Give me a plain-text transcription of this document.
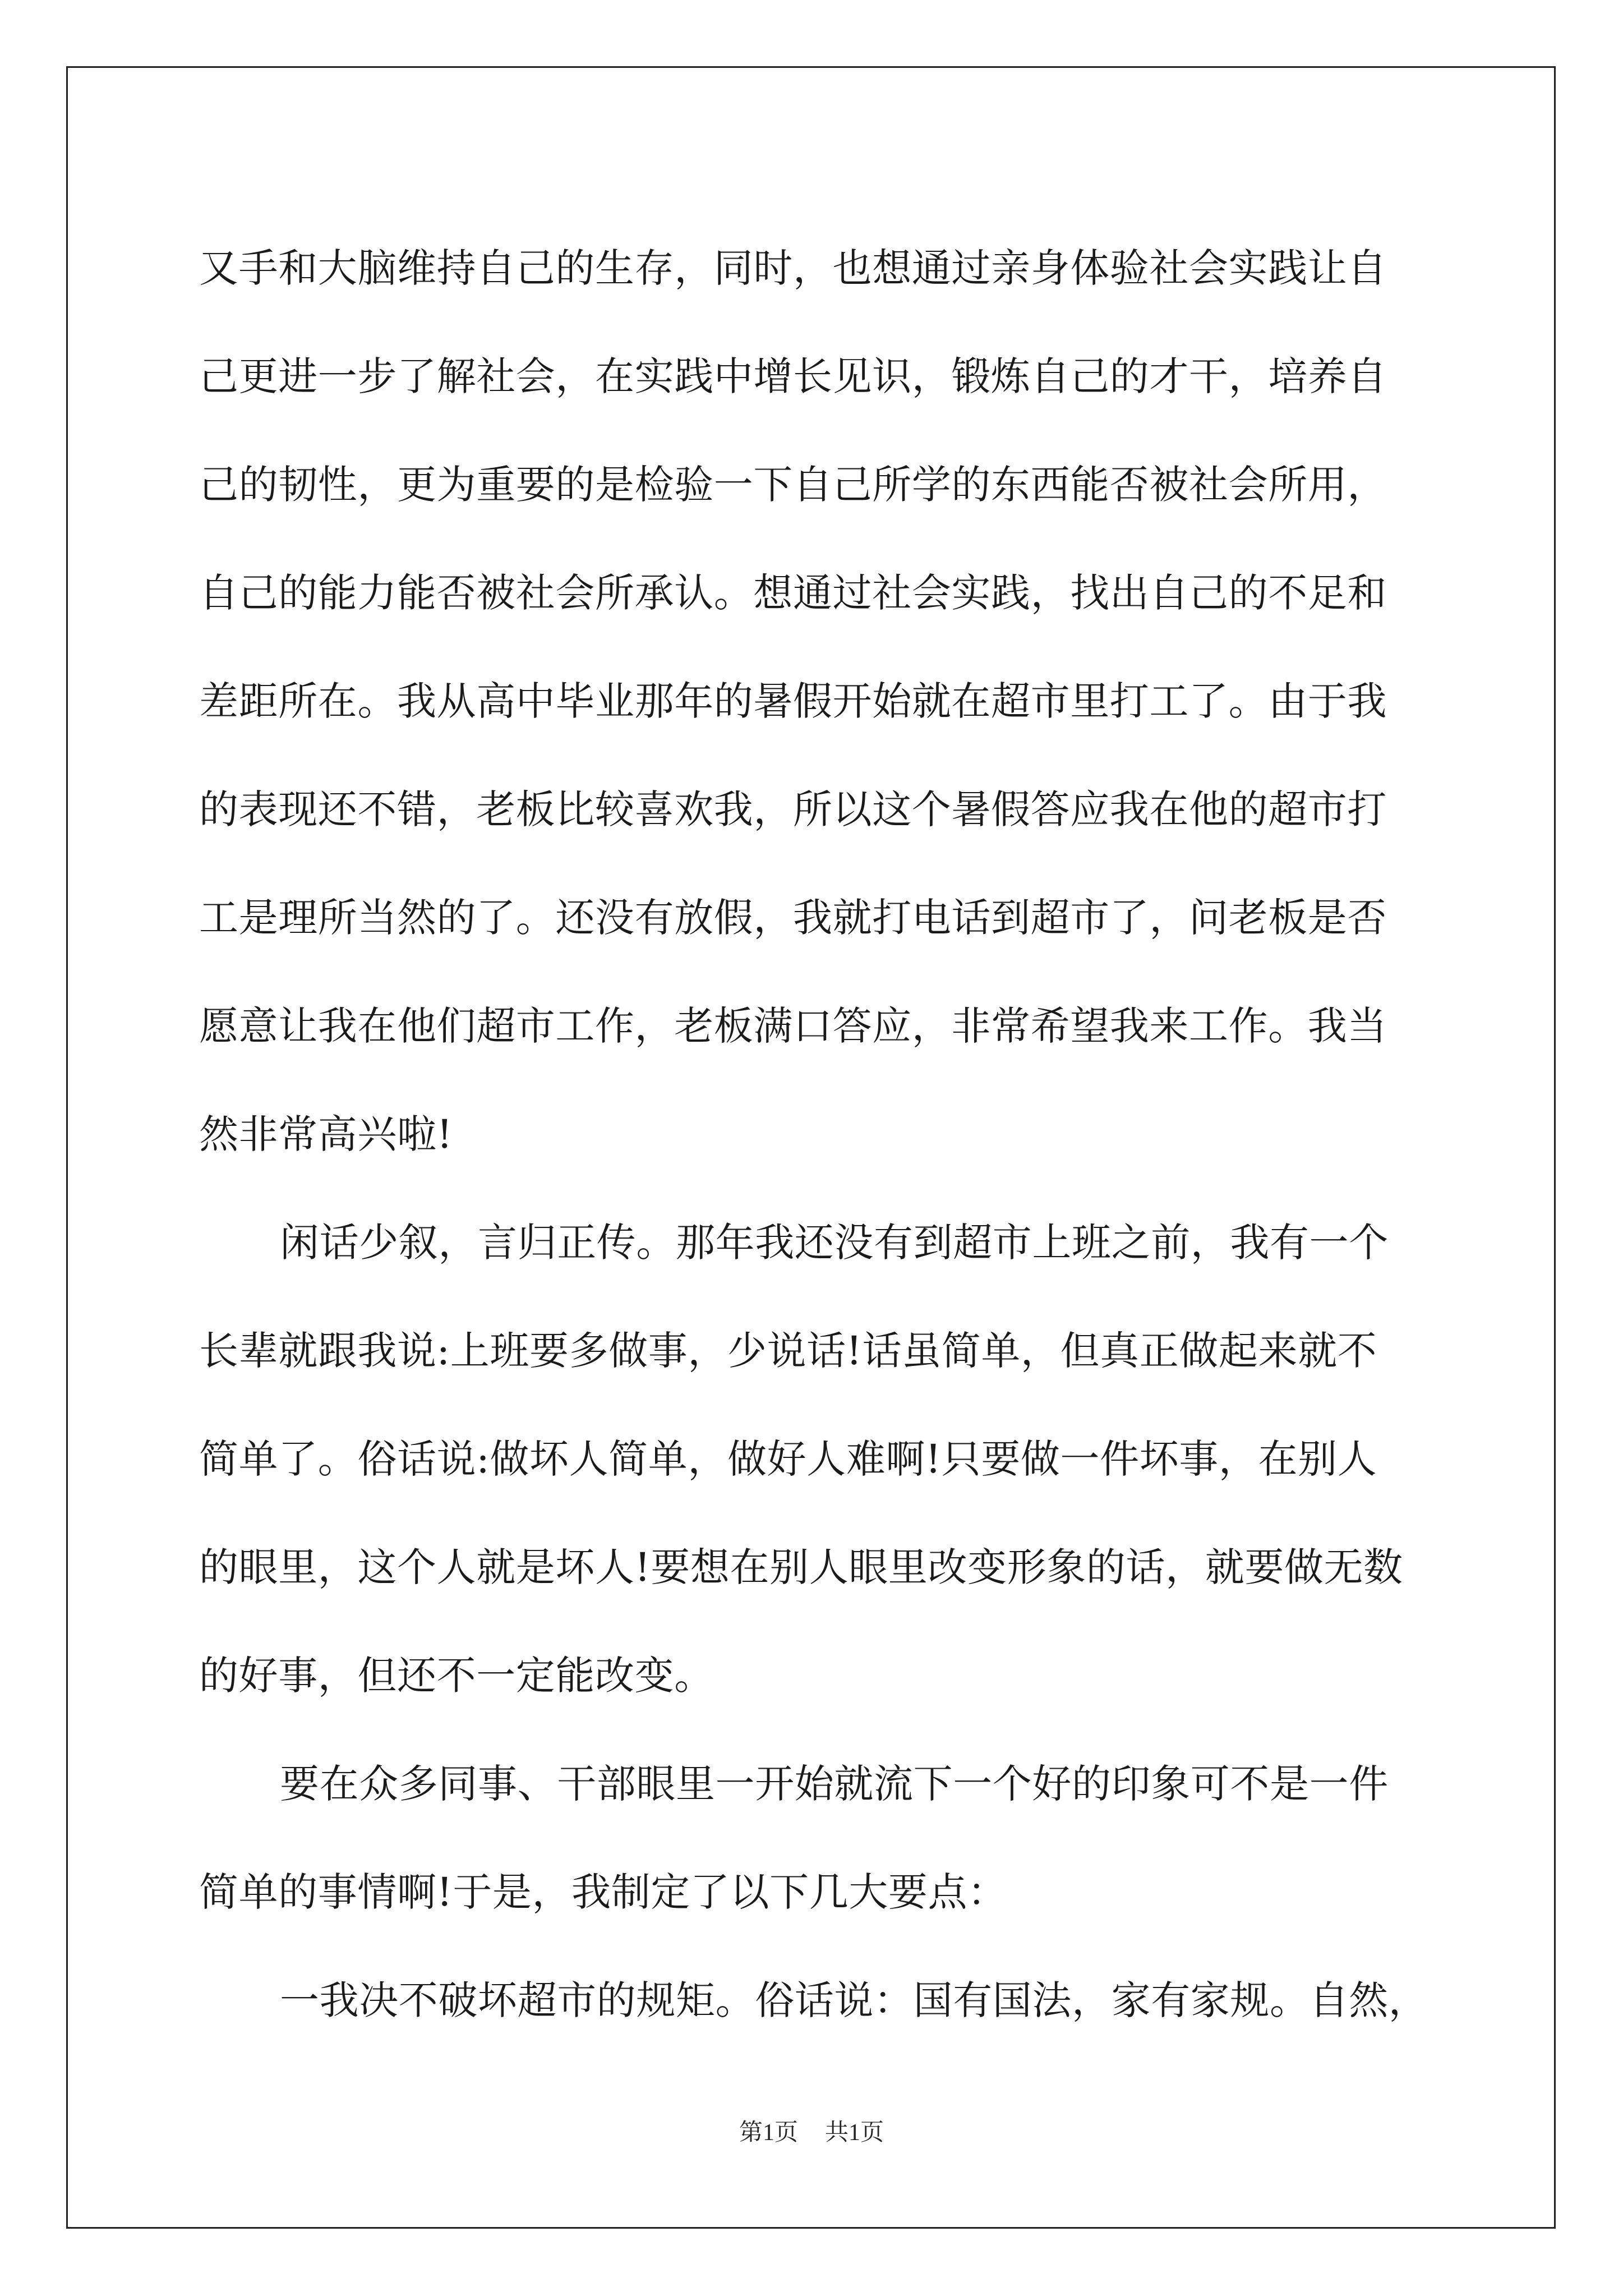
又手和大脑维持自己的生存，同时，也想通过亲身体验社会实践让自
己更进一步了解社会，在实践中增长见识，锻炼自己的才干，培养自
己的韧性，更为重要的是检验一下自己所学的东西能否被社会所用，
自己的能力能否被社会所承认。想通过社会实践，找出自己的不足和
差距所在。我从高中毕业那年的暑假开始就在超市里打工了。由于我
的表现还不错，老板比较喜欢我，所以这个暑假答应我在他的超市打
工是理所当然的了。还没有放假，我就打电话到超市了，问老板是否
愿意让我在他们超市工作，老板满口答应，非常希望我来工作。我当
然非常高兴啦!
闲话少叙，言归正传。那年我还没有到超市上班之前，我有一个
长辈就跟我说:上班要多做事，少说话!话虽简单，但真正做起来就不
简单了。俗话说:做坏人简单，做好人难啊!只要做一件坏事，在别人
的眼里，这个人就是坏人!要想在别人眼里改变形象的话，就要做无数
的好事，但还不一定能改变。
要在众多同事、干部眼里一开始就流下一个好的印象可不是一件
简单的事情啊!于是，我制定了以下几大要点：
一我决不破坏超市的规矩。俗话说：国有国法，家有家规。自然，
第1页 共1页
